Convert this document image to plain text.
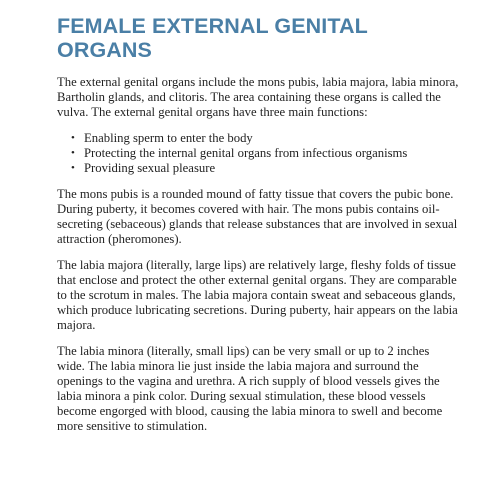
FEMALE EXTERNAL GENITAL ORGANS

The external genital organs include the mons pubis, labia majora, labia minora, Bartholin glands, and clitoris. The area containing these organs is called the vulva. The external genital organs have three main functions:

• Enabling sperm to enter the body
• Protecting the internal genital organs from infectious organisms
• Providing sexual pleasure

The mons pubis is a rounded mound of fatty tissue that covers the pubic bone. During puberty, it becomes covered with hair. The mons pubis contains oil-secreting (sebaceous) glands that release substances that are involved in sexual attraction (pheromones).

The labia majora (literally, large lips) are relatively large, fleshy folds of tissue that enclose and protect the other external genital organs. They are comparable to the scrotum in males. The labia majora contain sweat and sebaceous glands, which produce lubricating secretions. During puberty, hair appears on the labia majora.

The labia minora (literally, small lips) can be very small or up to 2 inches wide. The labia minora lie just inside the labia majora and surround the openings to the vagina and urethra. A rich supply of blood vessels gives the labia minora a pink color. During sexual stimulation, these blood vessels become engorged with blood, causing the labia minora to swell and become more sensitive to stimulation.
